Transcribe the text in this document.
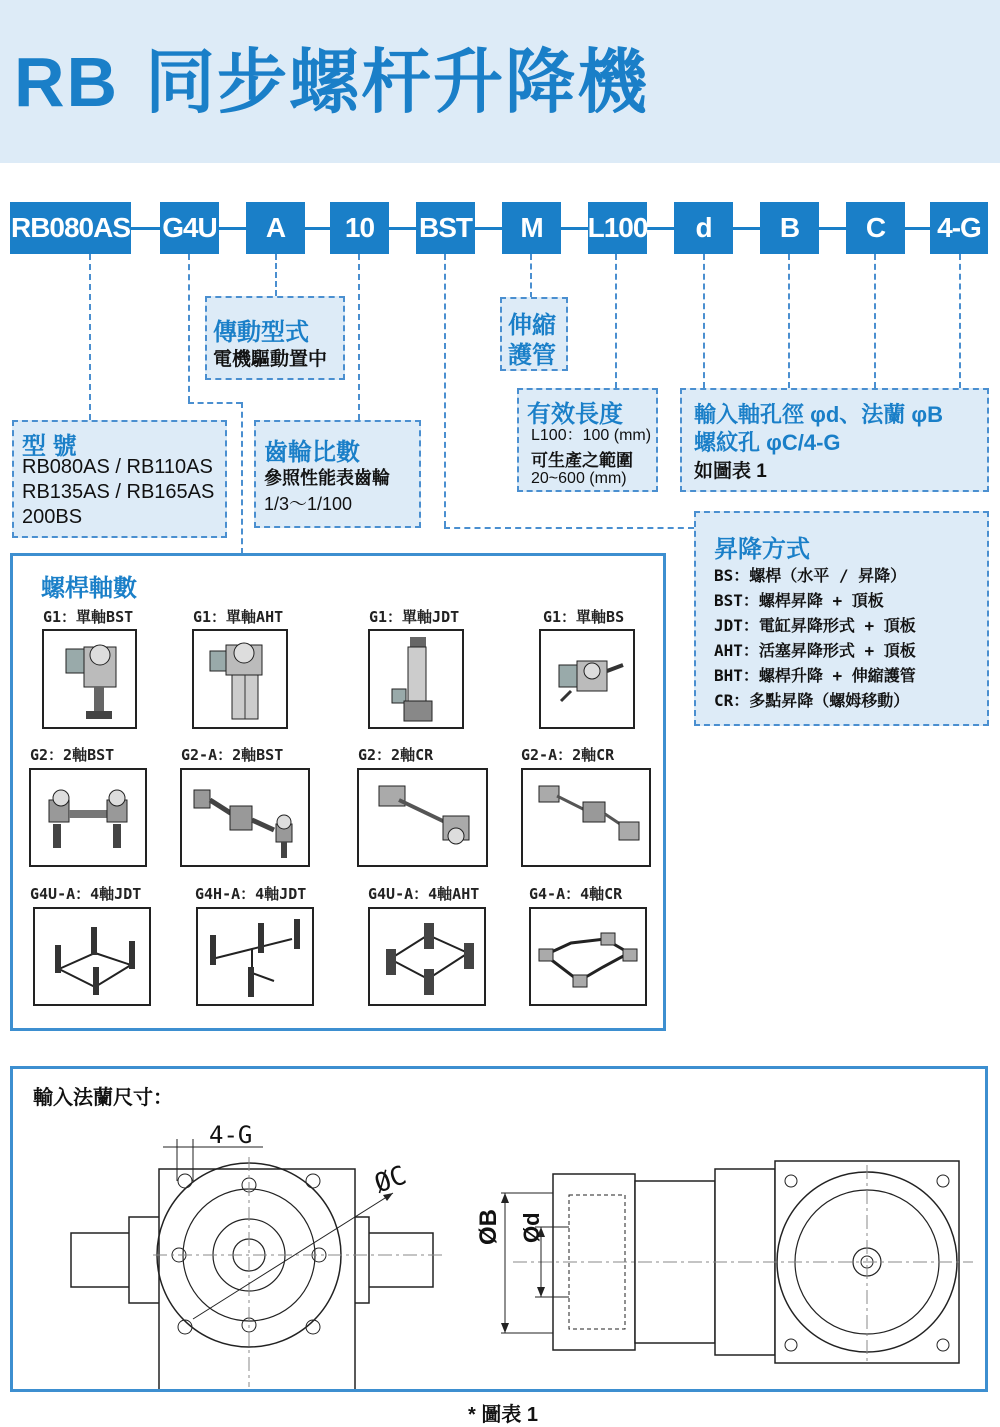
RB 同步螺杆升降機
RB080AS G4U	A	10	BST	M	L100	d	B	C	4-G
傳動型式
電機驅動置中
伸縮
護管
有效長度
L100：100 (mm)
可生產之範圍
20~600 (mm)
輸入軸孔徑 φd、法蘭 φB
螺紋孔 φC/4-G
如圖表 1
型 號
RB080AS / RB110AS
RB135AS / RB165AS
200BS
齒輪比數
參照性能表齒輪
1/3～1/100
昇降方式
BS：螺桿（水平 / 昇降）
BST：螺桿昇降 + 頂板
JDT：電缸昇降形式 + 頂板
AHT：活塞昇降形式 + 頂板
BHT：螺桿升降 + 伸縮護管
CR：多點昇降（螺姆移動）
螺桿軸數
G1：單軸BST	G1：單軸AHT	G1：單軸JDT	G1：單軸BS
G2：2軸BST	G2-A：2軸BST	G2：2軸CR	G2-A：2軸CR
G4U-A：4軸JDT	G4H-A：4軸JDT	G4U-A：4軸AHT	G4-A：4軸CR
輸入法蘭尺寸：
4-G
ØC
ØB Ød
* 圖表 1
